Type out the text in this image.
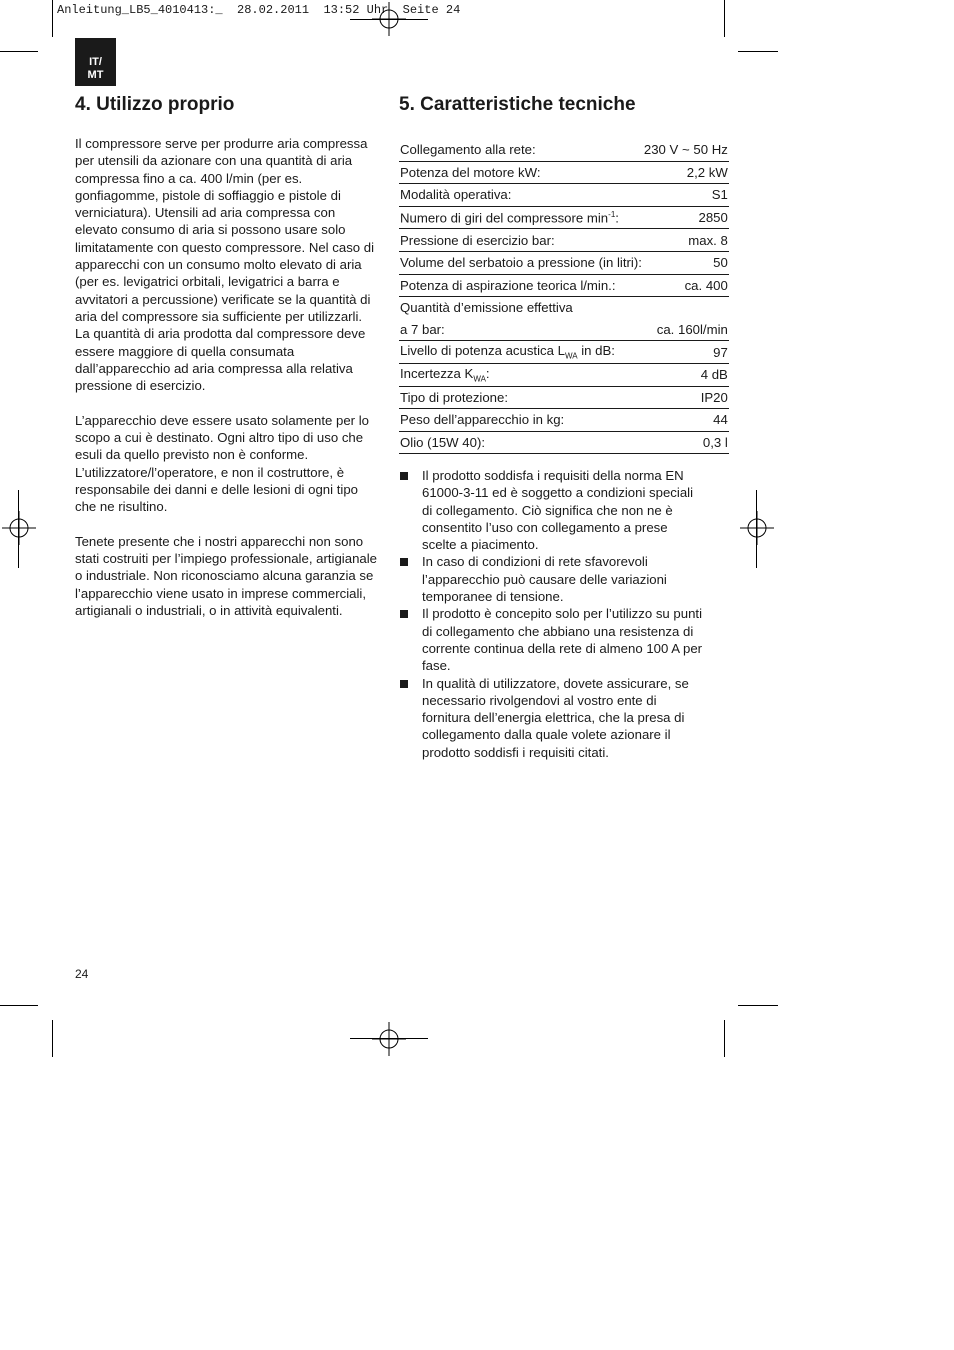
Anleitung_LB5_4010413:_  28.02.2011  13:52 Uhr  Seite 24
IT/
MT
4. Utilizzo proprio

Il compressore serve per produrre aria compressa per utensili da azionare con una quantità di aria compressa fino a ca. 400 l/min (per es. gonfiagomme, pistole di soffiaggio e pistole di verniciatura). Utensili ad aria compressa con elevato consumo di aria si possono usare solo limitatamente con questo compressore. Nel caso di apparecchi con un consumo molto elevato di aria (per es. levigatrici orbitali, levigatrici a barra e avvitatori a percussione) verificate se la quantità di aria del compressore sia sufficiente per utilizzarli. La quantità di aria prodotta dal compressore deve essere maggiore di quella consumata dall’apparecchio ad aria compressa alla relativa pressione di esercizio.

L’apparecchio deve essere usato solamente per lo scopo a cui è destinato. Ogni altro tipo di uso che esuli da quello previsto non è conforme. L’utilizzatore/l’operatore, e non il costruttore, è responsabile dei danni e delle lesioni di ogni tipo che ne risultino.

Tenete presente che i nostri apparecchi non sono stati costruiti per l’impiego professionale, artigianale o industriale. Non riconosciamo alcuna garanzia se l’apparecchio viene usato in imprese commerciali, artigianali o industriali, o in attività equivalenti.

5. Caratteristiche tecniche
Collegamento alla rete:	230 V ~ 50 Hz
Potenza del motore kW:	2,2 kW
Modalità operativa:	S1
Numero di giri del compressore $\min^{-1}$:	2850
Pressione di esercizio bar:	max. 8
Volume del serbatoio a pressione (in litri):	50
Potenza di aspirazione teorica l/min.:	ca. 400
Quantità d’emissione effettiva	
a 7 bar:	ca. 160l/min
Livello di potenza acustica $L_{WA}$ in dB:	97
Incertezza $K_{WA}$:	4 dB
Tipo di protezione:	IP20
Peso dell’apparecchio in kg:	44
Olio (15W 40):	0,3 l
Il prodotto soddisfa i requisiti della norma EN 61000-3-11 ed è soggetto a condizioni speciali di collegamento. Ciò significa che non ne è consentito l’uso con collegamento a prese scelte a piacimento.
In caso di condizioni di rete sfavorevoli l’apparecchio può causare delle variazioni temporanee di tensione.
Il prodotto è concepito solo per l’utilizzo su punti di collegamento che abbiano una resistenza di corrente continua della rete di almeno 100 A per fase.
In qualità di utilizzatore, dovete assicurare, se necessario rivolgendovi al vostro ente di fornitura dell’energia elettrica, che la presa di collegamento dalla quale volete azionare il prodotto soddisfi i requisiti citati.
24
